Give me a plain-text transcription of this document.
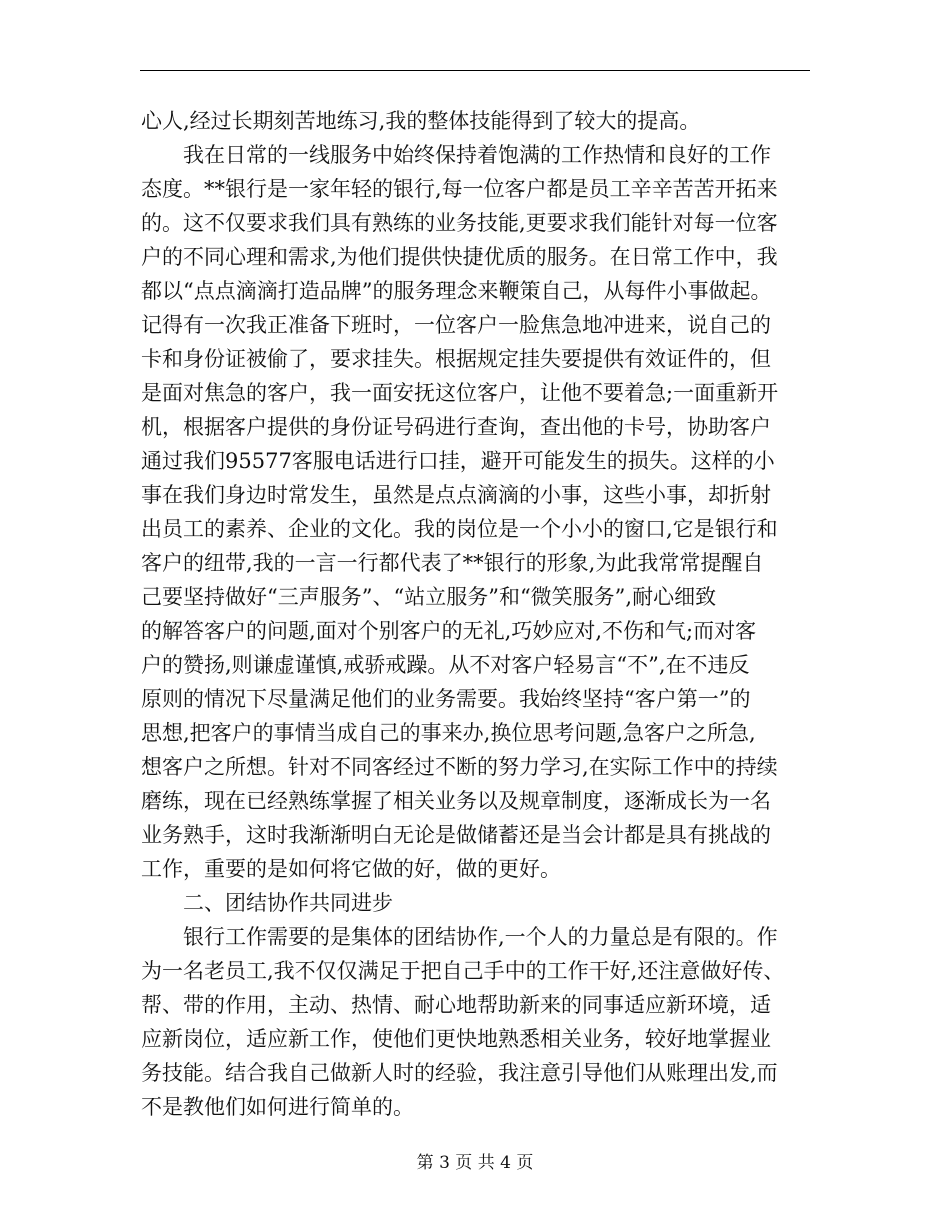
心人,经过长期刻苦地练习,我的整体技能得到了较大的提高。
我在日常的一线服务中始终保持着饱满的工作热情和良好的工作
态度。**银行是一家年轻的银行,每一位客户都是员工辛辛苦苦开拓来
的。这不仅要求我们具有熟练的业务技能,更要求我们能针对每一位客
户的不同心理和需求,为他们提供快捷优质的服务。在日常工作中，我
都以“点点滴滴打造品牌”的服务理念来鞭策自己，从每件小事做起。
记得有一次我正准备下班时，一位客户一脸焦急地冲进来，说自己的
卡和身份证被偷了，要求挂失。根据规定挂失要提供有效证件的，但
是面对焦急的客户，我一面安抚这位客户，让他不要着急;一面重新开
机，根据客户提供的身份证号码进行查询，查出他的卡号，协助客户
通过我们95577客服电话进行口挂，避开可能发生的损失。这样的小
事在我们身边时常发生，虽然是点点滴滴的小事，这些小事，却折射
出员工的素养、企业的文化。我的岗位是一个小小的窗口,它是银行和
客户的纽带,我的一言一行都代表了**银行的形象,为此我常常提醒自
己要坚持做好“三声服务”、“站立服务”和“微笑服务”,耐心细致
的解答客户的问题,面对个别客户的无礼,巧妙应对,不伤和气;而对客
户的赞扬,则谦虚谨慎,戒骄戒躁。从不对客户轻易言“不”,在不违反
原则的情况下尽量满足他们的业务需要。我始终坚持“客户第一”的
思想,把客户的事情当成自己的事来办,换位思考问题,急客户之所急,
想客户之所想。针对不同客经过不断的努力学习,在实际工作中的持续
磨练，现在已经熟练掌握了相关业务以及规章制度，逐渐成长为一名
业务熟手，这时我渐渐明白无论是做储蓄还是当会计都是具有挑战的
工作，重要的是如何将它做的好，做的更好。
二、团结协作共同进步
银行工作需要的是集体的团结协作,一个人的力量总是有限的。作
为一名老员工,我不仅仅满足于把自己手中的工作干好,还注意做好传、
帮、带的作用，主动、热情、耐心地帮助新来的同事适应新环境，适
应新岗位，适应新工作，使他们更快地熟悉相关业务，较好地掌握业
务技能。结合我自己做新人时的经验，我注意引导他们从账理出发,而
不是教他们如何进行简单的。
第 3 页 共 4 页
